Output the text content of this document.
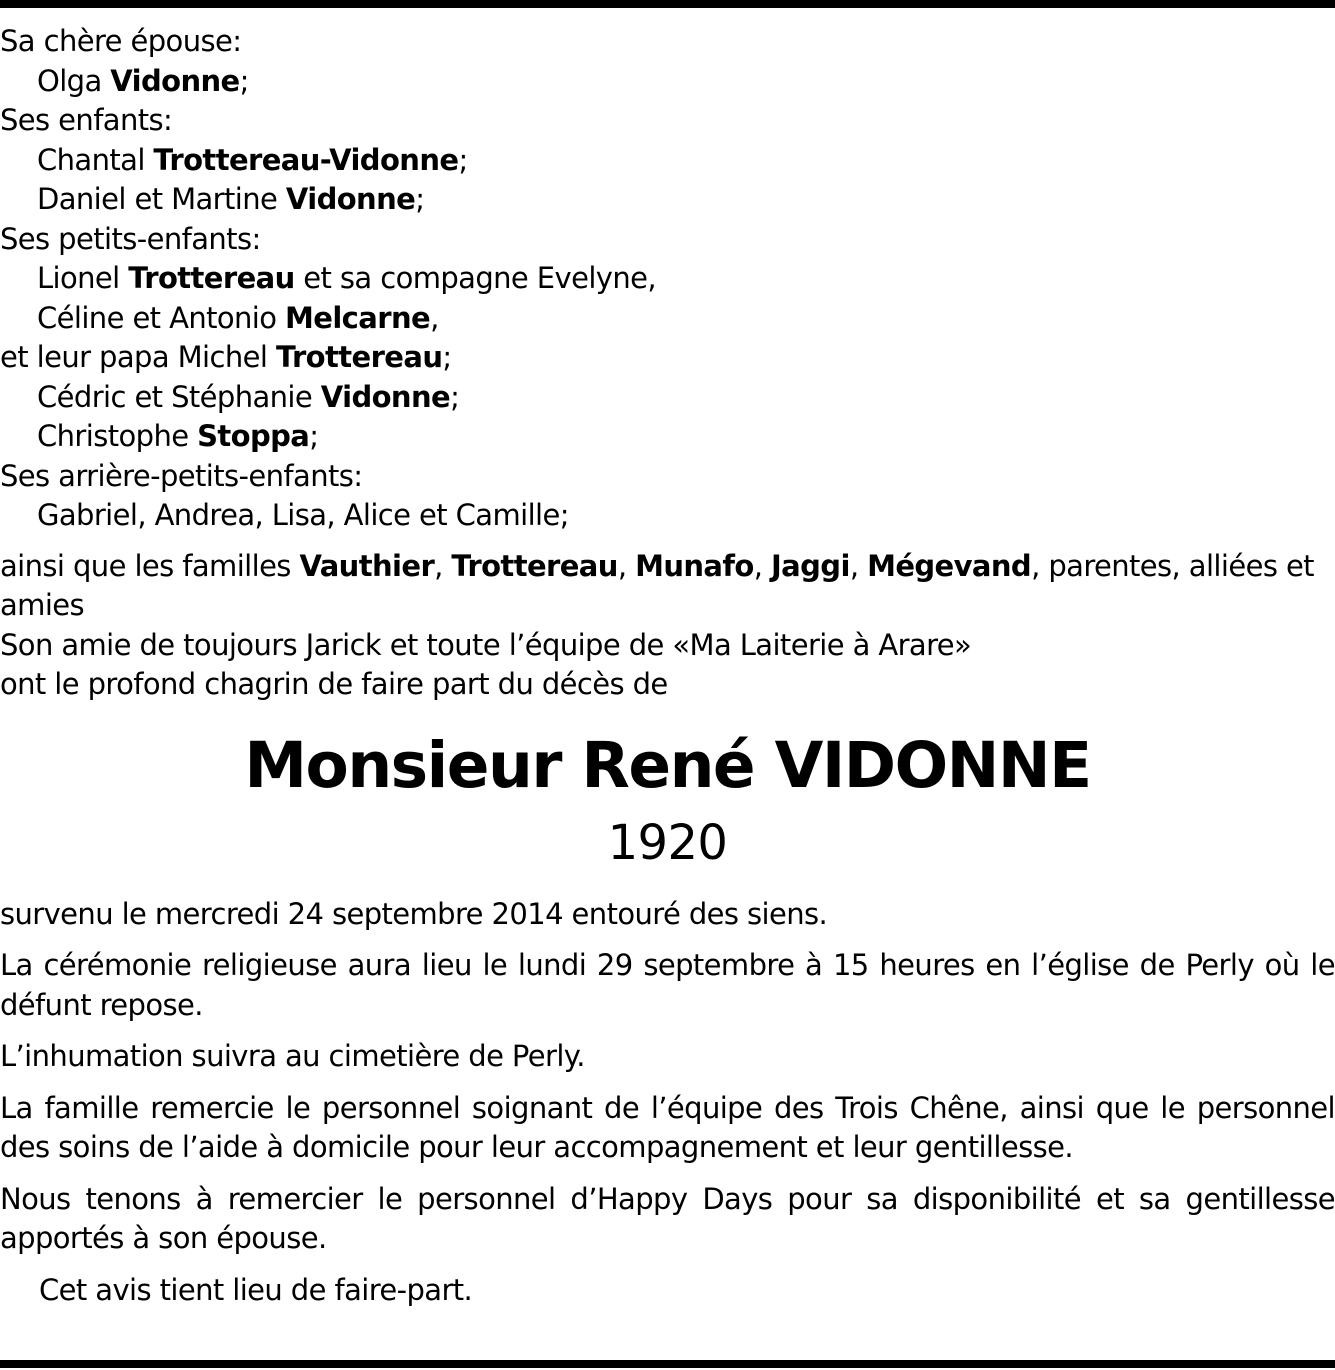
Sa chère épouse:
Olga Vidonne;
Ses enfants:
Chantal Trottereau-Vidonne;
Daniel et Martine Vidonne;
Ses petits-enfants:
Lionel Trottereau et sa compagne Evelyne,
Céline et Antonio Melcarne,
et leur papa Michel Trottereau;
Cédric et Stéphanie Vidonne;
Christophe Stoppa;
Ses arrière-petits-enfants:
Gabriel, Andrea, Lisa, Alice et Camille;
ainsi que les familles Vauthier, Trottereau, Munafo, Jaggi, Mégevand, parentes, alliées et amies
Son amie de toujours Jarick et toute l’équipe de «Ma Laiterie à Arare»
ont le profond chagrin de faire part du décès de
Monsieur René VIDONNE
1920
survenu le mercredi 24 septembre 2014 entouré des siens.
La cérémonie religieuse aura lieu le lundi 29 septembre à 15 heures en l’église de Perly où le défunt repose.
L’inhumation suivra au cimetière de Perly.
La famille remercie le personnel soignant de l’équipe des Trois Chêne, ainsi que le personnel des soins de l’aide à domicile pour leur accompagnement et leur gentillesse.
Nous tenons à remercier le personnel d’Happy Days pour sa disponibilité et sa gentillesse apportés à son épouse.
Cet avis tient lieu de faire-part.
